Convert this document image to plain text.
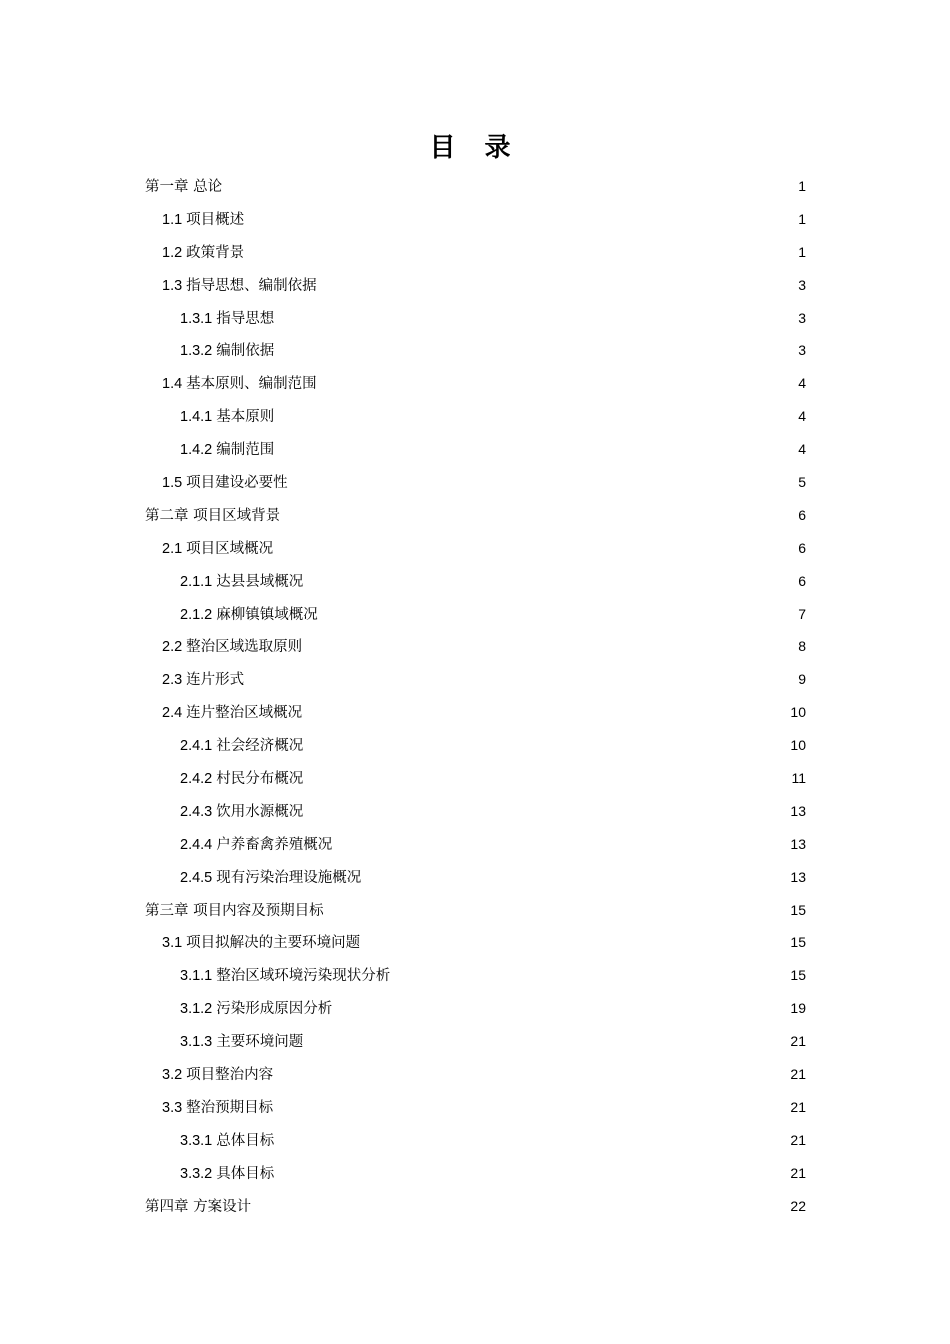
目 录
第一章 总论 .....	1
1.1 项目概述 .....	1
1.2 政策背景 .....	1
1.3 指导思想、编制依据 .....	3
1.3.1 指导思想 .....	3
1.3.2 编制依据 .....	3
1.4 基本原则、编制范围 .....	4
1.4.1 基本原则 .....	4
1.4.2 编制范围 .....	4
1.5 项目建设必要性 .....	5
第二章 项目区域背景 .....	6
2.1 项目区域概况 .....	6
2.1.1 达县县域概况 .....	6
2.1.2 麻柳镇镇域概况 .....	7
2.2 整治区域选取原则 .....	8
2.3 连片形式 .....	9
2.4 连片整治区域概况 .....	10
2.4.1 社会经济概况 .....	10
2.4.2 村民分布概况 .....	11
2.4.3 饮用水源概况 .....	13
2.4.4 户养畜禽养殖概况 .....	13
2.4.5 现有污染治理设施概况 .....	13
第三章 项目内容及预期目标 .....	15
3.1 项目拟解决的主要环境问题 .....	15
3.1.1 整治区域环境污染现状分析 .....	15
3.1.2 污染形成原因分析 .....	19
3.1.3 主要环境问题 .....	21
3.2 项目整治内容 .....	21
3.3 整治预期目标 .....	21
3.3.1 总体目标 .....	21
3.3.2 具体目标 .....	21
第四章 方案设计 .....	22
